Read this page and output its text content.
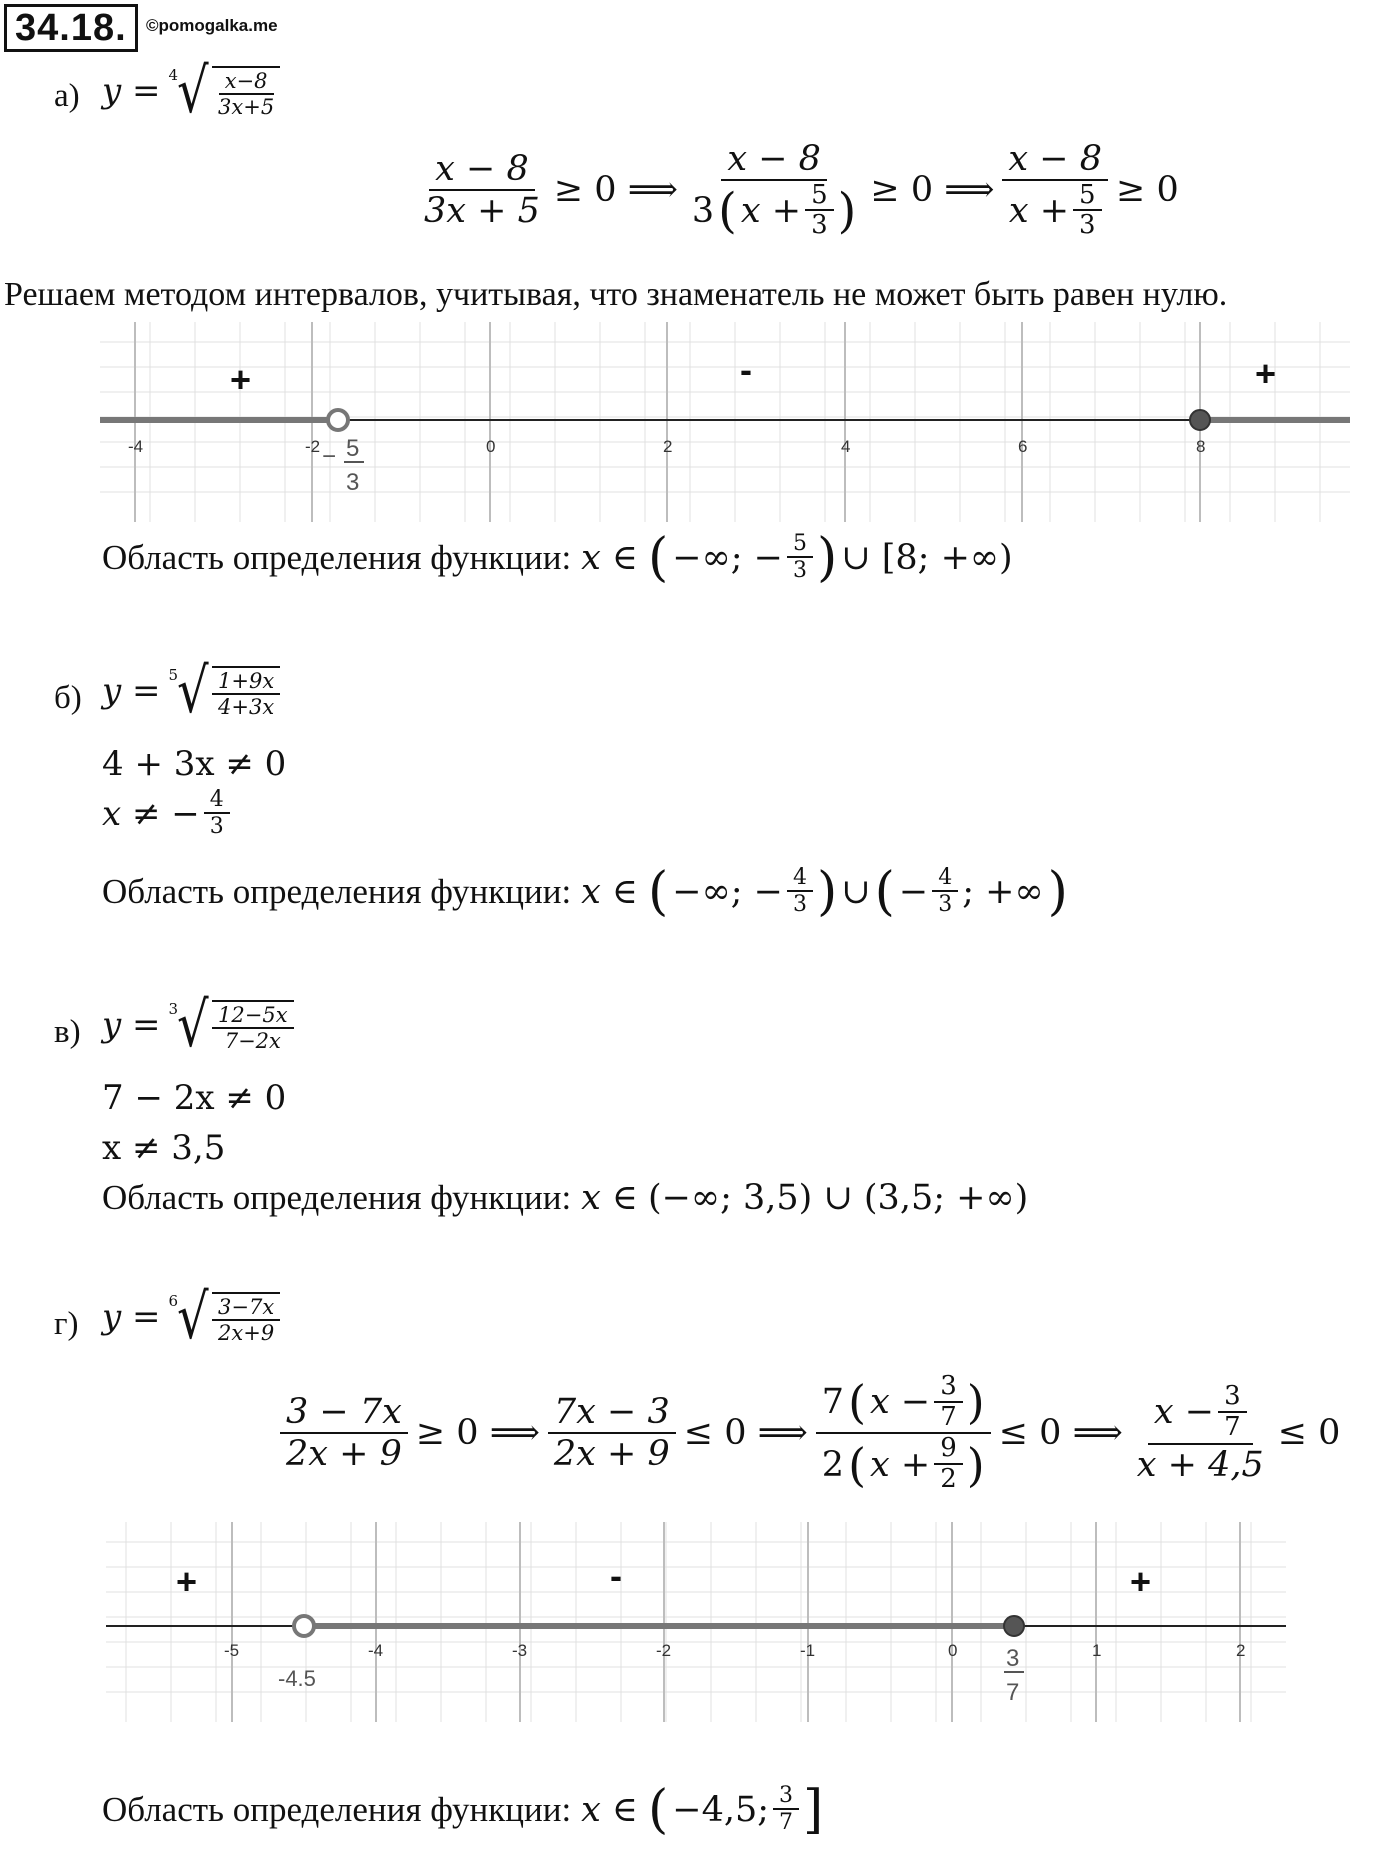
34.18.	©pomogalka.me
а) y = 4
√ $\frac{x-8}{3x+5}$
$\frac{x - 8}{3x + 5} \ge 0$ ⟹
x − 8
3 ( $x + \frac{5}{3}$ ) ≥ 0 ⟹ $\frac{x - 8}{x + \frac{5}{3}} \ge 0$
Решаем методом интервалов, учитывая, что знаменатель не может быть равен нулю.
-4	-2	0	2	4	6	8
+	-	+
− 5
3
Область определения функции: x ∈ ( −∞; − $\frac{5}{3}$ ) ∪ [8; +∞)
б) y = 5
√ $\frac{1+9x}{4+3x}$
4 + 3x ≠ 0
x ≠ − $\frac{4}{3}$
Область определения функции: x ∈ ( −∞; − $\frac{4}{3}$ ) ∪ ( − $\frac{4}{3}$ ; +∞ )
в) y = 3
√ $\frac{12-5x}{7-2x}$
7 − 2x ≠ 0
x ≠ 3,5
Область определения функции: x ∈ (−∞; 3,5) ∪ (3,5; +∞)
г) y = 6
√ $\frac{3-7x}{2x+9}$
$\frac{3 - 7x}{2x + 9} \ge 0$ ⟹ $\frac{7x - 3}{2x + 9} \le 0$ ⟹
7 ( $x - \frac{3}{7}$ )
2 ( $x + \frac{9}{2}$ )
≤ 0 ⟹ $\frac{x - \frac{3}{7}}{x + 4,5} \le 0$
-5	-4	-3	-2	-1	0	1	2
+	-	+
-4.5
3
7
Область определения функции: x ∈ ( −4,5; $\frac{3}{7}$ ]
